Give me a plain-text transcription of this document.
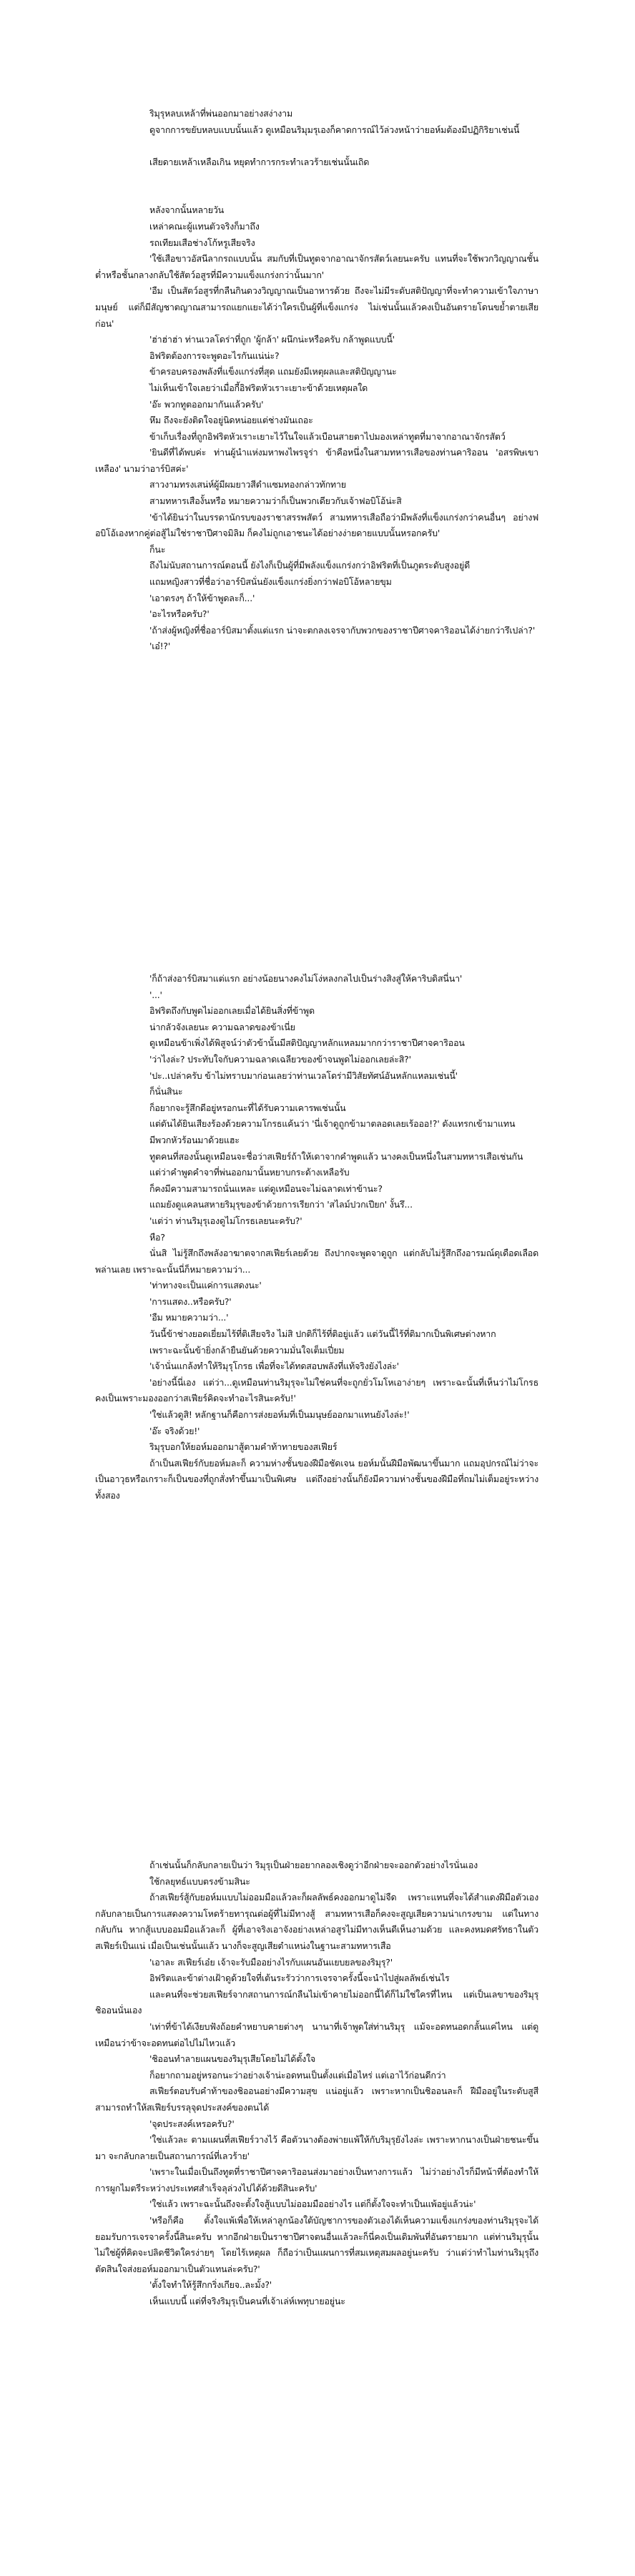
ริมุรุหลบเหล้าที่พ่นออกมาอย่างสง่างาม

ดูจากการขยับหลบแบบนั้นแล้ว ดูเหมือนริมุมรุเองก็คาดการณ์ไว้ล่วงหน้าว่ายอห์มต้องมีปฏิกิริยาเช่นนี้

เสียดายเหล้าเหลือเกิน หยุดทำการกระทำเลวร้ายเช่นนั้นเถิด

หลังจากนั้นหลายวัน

เหล่าคณะผู้แทนตัวจริงก็มาถึง

รถเทียมเสือช่างโก้หรูเสียจริง

'ใช้เสือขาวอัสนีลากรถแบบนั้น สมกับที่เป็นทูตจากอาณาจักรสัตว์เลยนะครับ แทนที่จะใช้พวกวิญญาณชั้นต่ำหรือชั้นกลางกลับใช้สัตว์อสูรที่มีความแข็งแกร่งกว่านั้นมาก'

'อืม เป็นสัตว์อสูรที่กลืนกินดวงวิญญาณเป็นอาหารด้วย ถึงจะไม่มีระดับสติปัญญาที่จะทำความเข้าใจภาษามนุษย์ แต่ก็มีสัญชาตญาณสามารถแยกแยะได้ว่าใครเป็นผู้ที่แข็งแกร่ง ไม่เช่นนั้นแล้วคงเป็นอันตรายโดนขย้ำตายเสียก่อน'

'ฮ่าฮ่าฮ่า ท่านเวลโดร่าที่ถูก 'ผู้กล้า' ผนึกน่ะหรือครับ กล้าพูดแบบนี้'

อิฟริตต้องการจะพูดอะไรกันแน่น่ะ?

ข้าครอบครองพลังที่แข็งแกร่งที่สุด แถมยังมีเหตุผลและสติปัญญานะ

ไม่เห็นเข้าใจเลยว่าเมื่อกี้อิฟริตหัวเราะเยาะข้าด้วยเหตุผลใด

'อ๊ะ พวกทูตออกมากันแล้วครับ'

หึม ถึงจะยังติดใจอยู่นิดหน่อยแต่ช่างมันเถอะ

ข้าเก็บเรื่องที่ถูกอิฟริตหัวเราะเยาะไว้ในใจแล้วเบือนสายตาไปมองเหล่าทูตที่มาจากอาณาจักรสัตว์

'ยินดีที่ได้พบค่ะ ท่านผู้นำแห่งมหาพงไพรจูร่า ข้าคือหนึ่งในสามทหารเสือของท่านคาริออน 'อสรพิษเขาเหลือง' นามว่าอาร์บิสค่ะ'

สาวงามทรงเสน่ห์ผู้มีผมยาวสีดำแซมทองกล่าวทักทาย

สามทหารเสืองั้นหรือ หมายความว่าก็เป็นพวกเดียวกับเจ้าฟอบิโอ้น่ะสิ

'ข้าได้ยินว่าในบรรดานักรบของราชาสรรพสัตว์ สามทหารเสือถือว่ามีพลังที่แข็งแกร่งกว่าคนอื่นๆ อย่างฟอบิโอ้เองหากคู่ต่อสู้ไม่ใช่ราชาปีศาจมิลิม ก็คงไม่ถูกเอาชนะได้อย่างง่ายดายแบบนั้นหรอกครับ'

ก็นะ

ถึงไม่นับสถานการณ์ตอนนี้ ยังไงก็เป็นผู้ที่มีพลังแข็งแกร่งกว่าอิฟริตที่เป็นภูตระดับสูงอยู่ดี

แถมหญิงสาวที่ชื่อว่าอาร์บิสนั่นยังแข็งแกร่งยิ่งกว่าฟอบิโอ้หลายขุม

'เอาตรงๆ ถ้าให้ข้าพูดละก็...'

'อะไรหรือครับ?'

'ถ้าส่งผู้หญิงที่ชื่ออาร์บิสมาตั้งแต่แรก น่าจะตกลงเจรจากับพวกของราชาปีศาจคาริออนได้ง่ายกว่ารึเปล่า?'

'เอ๋!?'

'ก็ถ้าส่งอาร์บิสมาแต่แรก อย่างน้อยนางคงไม่โง่หลงกลไปเป็นร่างสิงสู่ให้คาริบดิสนี่นา'

'...'

อิฟริตถึงกับพูดไม่ออกเลยเมื่อได้ยินสิ่งที่ข้าพูด

น่ากลัวจังเลยนะ ความฉลาดของข้าเนี่ย

ดูเหมือนข้าเพิ่งได้พิสูจน์ว่าตัวข้านั้นมีสติปัญญาหลักแหลมมากกว่าราชาปีศาจคาริออน

'ว่าไงล่ะ? ประทับใจกับความฉลาดเฉลียวของข้าจนพูดไม่ออกเลยล่ะสิ?'

'ปะ..เปล่าครับ ข้าไม่ทราบมาก่อนเลยว่าท่านเวลโดร่ามีวิสัยทัศน์อันหลักแหลมเช่นนี้'

ก็นั่นสินะ

ก็อยากจะรู้สึกดีอยู่หรอกนะที่ได้รับความเคารพเช่นนั้น

แต่ดันได้ยินเสียงร้องด้วยความโกรธแค้นว่า 'นี่เจ้าดูถูกข้ามาตลอดเลยเร้อออ!?' ดังแทรกเข้ามาแทน

มีพวกหัวร้อนมาด้วยแฮะ

ทูตคนที่สองนั้นดูเหมือนจะชื่อว่าสเฟียร์ถ้าให้เดาจากคำพูดแล้ว นางคงเป็นหนึ่งในสามทหารเสือเช่นกัน

แต่ว่าคำพูดคำจาที่พ่นออกมานั้นหยาบกระด้างเหลือรับ

ก็คงมีความสามารถนั่นแหละ แต่ดูเหมือนจะไม่ฉลาดเท่าข้านะ?

แถมยังดูแคลนสหายริมุรุของข้าด้วยการเรียกว่า 'สไลม์ปวกเปียก' งั้นรึ...

'แต่ว่า ท่านริมุรุเองดูไม่โกรธเลยนะครับ?'

หือ?

นั่นสิ ไม่รู้สึกถึงพลังอาฆาตจากสเฟียร์เลยด้วย ถึงปากจะพูดจาดูถูก แต่กลับไม่รู้สึกถึงอารมณ์ดุเดือดเลือดพล่านเลย เพราะฉะนั้นนี่ก็หมายความว่า...

'ท่าทางจะเป็นแค่การแสดงนะ'

'การแสดง..หรือครับ?'

'อืม หมายความว่า...'

วันนี้ข้าช่างยอดเยี่ยมไร้ที่ติเสียจริง ไม่สิ ปกติก็ไร้ที่ติอยู่แล้ว แต่วันนี้ไร้ที่ติมากเป็นพิเศษต่างหาก

เพราะฉะนั้นข้ายิ่งกล้ายืนยันด้วยความมั่นใจเต็มเปี่ยม

'เจ้านั่นแกล้งทำให้ริมุรุโกรธ เพื่อที่จะได้ทดสอบพลังที่แท้จริงยังไงล่ะ'

'อย่างนี้นี่เอง แต่ว่า...ดูเหมือนท่านริมุรุจะไม่ใช่คนที่จะถูกยั่วโมโหเอาง่ายๆ เพราะฉะนั้นที่เห็นว่าไม่โกรธคงเป็นเพราะมองออกว่าสเฟียร์คิดจะทำอะไรสินะครับ!'

'ใช่แล้วดูสิ! หลักฐานก็คือการส่งยอห์มที่เป็นมนุษย์ออกมาแทนยังไงล่ะ!'

'อ๊ะ จริงด้วย!'

ริมุรุบอกให้ยอห์มออกมาสู้ตามคำท้าทายของสเฟียร์

ถ้าเป็นสเฟียร์กับยอห์มละก็ ความห่างชั้นของฝีมือชัดเจน ยอห์มนั้นฝีมือพัฒนาขึ้นมาก แถมอุปกรณ์ไม่ว่าจะเป็นอาวุธหรือเกราะก็เป็นของที่ถูกสั่งทำขึ้นมาเป็นพิเศษ แต่ถึงอย่างนั้นก็ยังมีความห่างชั้นของฝีมือที่ถมไม่เต็มอยู่ระหว่างทั้งสอง

ถ้าเช่นนั้นก็กลับกลายเป็นว่า ริมุรุเป็นฝ่ายอยากลองเชิงดูว่าอีกฝ่ายจะออกตัวอย่างไรนั่นเอง

ใช้กลยุทธ์แบบตรงข้ามสินะ

ถ้าสเฟียร์สู้กับยอห์มแบบไม่ออมมือแล้วละก็ผลลัพธ์คงออกมาดูไม่จืด เพราะแทนที่จะได้สำแดงฝีมือตัวเอง กลับกลายเป็นการแสดงความโหดร้ายทารุณต่อผู้ที่ไม่มีทางสู้ สามทหารเสือก็คงจะสูญเสียความน่าเกรงขาม แต่ในทางกลับกัน หากสู้แบบออมมือแล้วละก็ ผู้ที่เอาจริงเอาจังอย่างเหล่าอสูรไม่มีทางเห็นดีเห็นงามด้วย และคงหมดศรัทธาในตัวสเฟียร์เป็นแน่ เมื่อเป็นเช่นนั้นแล้ว นางก็จะสูญเสียตำแหน่งในฐานะสามทหารเสือ

'เอาละ สเฟียร์เอ๋ย เจ้าจะรับมืออย่างไรกับแผนอันแยบยลของริมุรุ?'

อิฟริตและข้าต่างเฝ้าดูด้วยใจที่เต้นระรัวว่าการเจรจาครั้งนี้จะนำไปสู่ผลลัพธ์เช่นไร

และคนที่จะช่วยสเฟียร์จากสถานการณ์กลืนไม่เข้าคายไม่ออกนี้ได้ก็ไม่ใช่ใครที่ไหน แต่เป็นเลขาของริมุรุ ชิออนนั่นเอง

'เท่าที่ข้าได้เงียบฟังถ้อยคำหยาบคายต่างๆ นานาที่เจ้าพูดใส่ท่านริมุรุ แม้จะอดทนอดกลั้นแค่ไหน แต่ดูเหมือนว่าข้าจะอดทนต่อไปไม่ไหวแล้ว

'ชิออนทำลายแผนของริมุรุเสียโดยไม่ได้ตั้งใจ

ก็อยากถามอยู่หรอกนะว่าอย่างเจ้าน่ะอดทนเป็นตั้งแต่เมื่อไหร่ แต่เอาไว้ก่อนดีกว่า

สเฟียร์ตอบรับคำท้าของชิออนอย่างมีความสุข แน่อยู่แล้ว เพราะหากเป็นชิออนละก็ ฝีมืออยู่ในระดับสูสี สามารถทำให้สเฟียร์บรรลุจุดประสงค์ของตนได้

'จุดประสงค์เหรอครับ?'

'ใช่แล้วละ ตามแผนที่สเฟียร์วางไว้ คือตัวนางต้องพ่ายแพ้ให้กับริมุรุยังไงล่ะ เพราะหากนางเป็นฝ่ายชนะขึ้นมา จะกลับกลายเป็นสถานการณ์ที่เลวร้าย'

'เพราะในเมื่อเป็นถึงทูตที่ราชาปีศาจคาริออนส่งมาอย่างเป็นทางการแล้ว ไม่ว่าอย่างไรก็มีหน้าที่ต้องทำให้การผูกไมตรีระหว่างประเทศสำเร็จลุล่วงไปได้ด้วยดีสินะครับ'

'ใช่แล้ว เพราะฉะนั้นถึงจะตั้งใจสู้แบบไม่ออมมืออย่างไร แต่ก็ตั้งใจจะทำเป็นแพ้อยู่แล้วน่ะ'

'หรือก็คือ ตั้งใจแพ้เพื่อให้เหล่าลูกน้องใต้บัญชาการของตัวเองได้เห็นความแข็งแกร่งของท่านริมุรุจะได้ยอมรับการเจรจาครั้งนี้สินะครับ หากอีกฝ่ายเป็นราชาปีศาจตนอื่นแล้วละก็นี่คงเป็นเดิมพันที่อันตรายมาก แต่ท่านริมุรุนั้น ไม่ใช่ผู้ที่คิดจะปลิดชีวิตใครง่ายๆ โดยไร้เหตุผล ก็ถือว่าเป็นแผนการที่สมเหตุสมผลอยู่นะครับ ว่าแต่ว่าทำไมท่านริมุรุถึงตัดสินใจส่งยอห์มออกมาเป็นตัวแทนล่ะครับ?'

'ตั้งใจทำให้รู้สึกกริ่งเกียจ..ละมั้ง?'

เห็นแบบนี้ แต่ที่จริงริมุรุเป็นคนที่เจ้าเล่ห์เพทุบายอยู่นะ
